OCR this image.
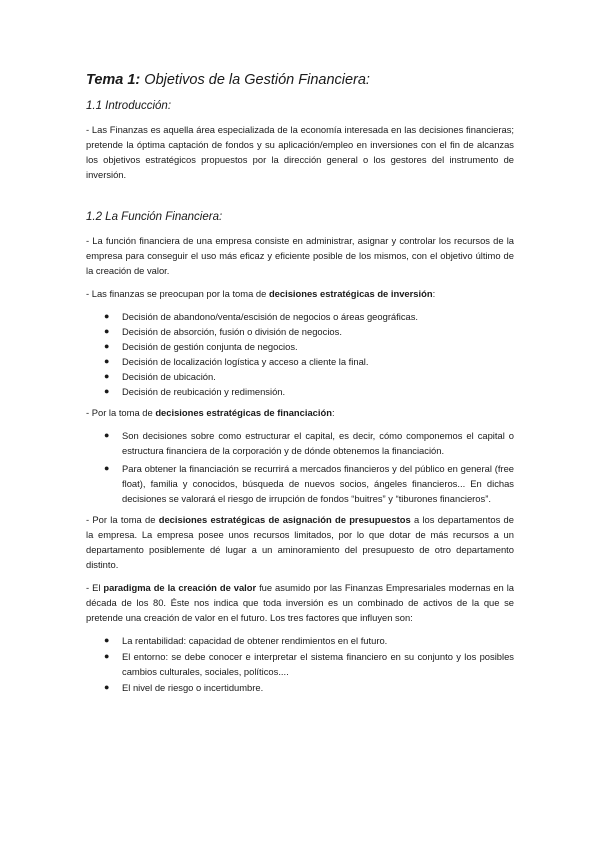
Tema 1: Objetivos de la Gestión Financiera:
1.1 Introducción:

- Las Finanzas es aquella área especializada de la economía interesada en las decisiones financieras; pretende la óptima captación de fondos y su aplicación/empleo en inversiones con el fin de alcanzas los objetivos estratégicos propuestos por la dirección general o los gestores del instrumento de inversión.

1.2 La Función Financiera:

- La función financiera de una empresa consiste en administrar, asignar y controlar los recursos de la empresa para conseguir el uso más eficaz y eficiente posible de los mismos, con el objetivo último de la creación de valor.

- Las finanzas se preocupan por la toma de decisiones estratégicas de inversión:

● Decisión de abandono/venta/escisión de negocios o áreas geográficas.
● Decisión de absorción, fusión o división de negocios.
● Decisión de gestión conjunta de negocios.
● Decisión de localización logística y acceso a cliente la final.
● Decisión de ubicación.
● Decisión de reubicación y redimensión.

- Por la toma de decisiones estratégicas de financiación:

● Son decisiones sobre como estructurar el capital, es decir, cómo componemos el capital o estructura financiera de la corporación y de dónde obtenemos la financiación.
● Para obtener la financiación se recurrirá a mercados financieros y del público en general (free float), familia y conocidos, búsqueda de nuevos socios, ángeles financieros... En dichas decisiones se valorará el riesgo de irrupción de fondos “buitres” y “tiburones financieros”.

- Por la toma de decisiones estratégicas de asignación de presupuestos a los departamentos de la empresa. La empresa posee unos recursos limitados, por lo que dotar de más recursos a un departamento posiblemente dé lugar a un aminoramiento del presupuesto de otro departamento distinto.

- El paradigma de la creación de valor fue asumido por las Finanzas Empresariales modernas en la década de los 80. Éste nos indica que toda inversión es un combinado de activos de la que se pretende una creación de valor en el futuro. Los tres factores que influyen son:

● La rentabilidad: capacidad de obtener rendimientos en el futuro.
● El entorno: se debe conocer e interpretar el sistema financiero en su conjunto y los posibles cambios culturales, sociales, políticos....
● El nivel de riesgo o incertidumbre.
